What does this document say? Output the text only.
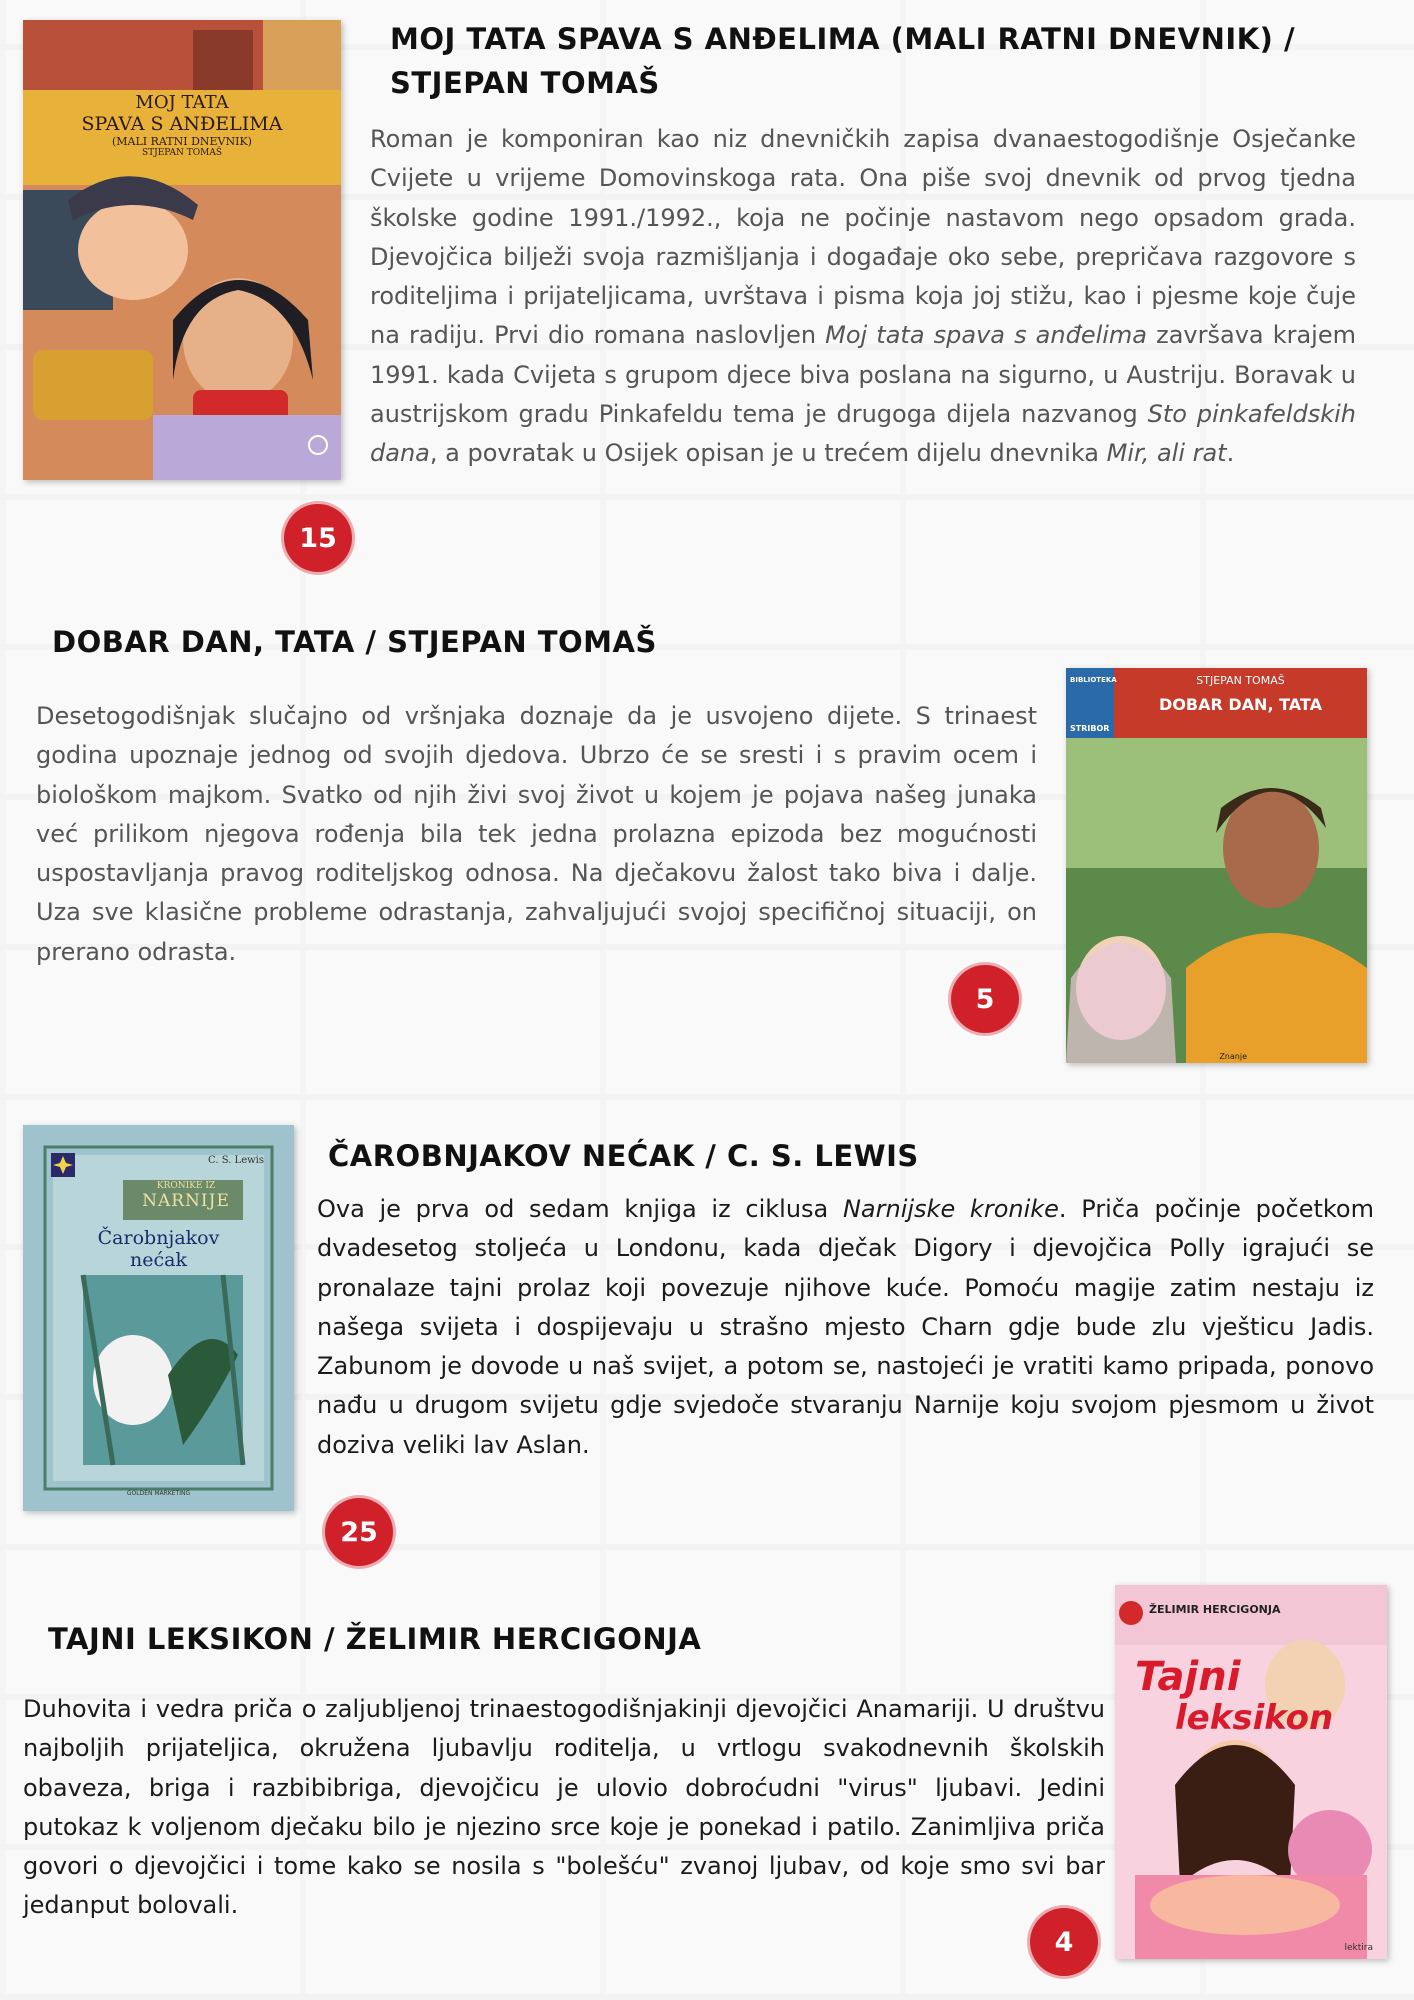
MOJ TATA
SPAVA S ANĐELIMA
(MALI RATNI DNEVNIK)
STJEPAN TOMAŠ
MOJ TATA SPAVA S ANĐELIMA (MALI RATNI DNEVNIK) / STJEPAN TOMAŠ

Roman je komponiran kao niz dnevničkih zapisa dvanaestogodišnje Osječanke Cvijete u vrijeme Domovinskoga rata. Ona piše svoj dnevnik od prvog tjedna školske godine 1991./1992., koja ne počinje nastavom nego opsadom grada. Djevojčica bilježi svoja razmišljanja i događaje oko sebe, prepričava razgovore s roditeljima i prijateljicama, uvrštava i pisma koja joj stižu, kao i pjesme koje čuje na radiju. Prvi dio romana naslovljen Moj tata spava s anđelima završava krajem 1991. kada Cvijeta s grupom djece biva poslana na sigurno, u Austriju. Boravak u austrijskom gradu Pinkafeldu tema je drugoga dijela nazvanog Sto pinkafeldskih dana, a povratak u Osijek opisan je u trećem dijelu dnevnika Mir, ali rat.

15
DOBAR DAN, TATA / STJEPAN TOMAŠ

Desetogodišnjak slučajno od vršnjaka doznaje da je usvojeno dijete. S trinaest godina upoznaje jednog od svojih djedova. Ubrzo će se sresti i s pravim ocem i biološkom majkom. Svatko od njih živi svoj život u kojem je pojava našeg junaka već prilikom njegova rođenja bila tek jedna prolazna epizoda bez mogućnosti uspostavljanja pravog roditeljskog odnosa. Na dječakovu žalost tako biva i dalje. Uza sve klasične probleme odrastanja, zahvaljujući svojoj specifičnoj situaciji, on prerano odrasta.

5
BIBLIOTEKA
STRIBOR
STJEPAN TOMAŠ
DOBAR DAN, TATA
Znanje
C. S. Lewis
KRONIKE IZ
NARNIJE
Čarobnjakov
nećak
GOLDEN MARKETING
ČAROBNJAKOV NEĆAK / C. S. LEWIS

Ova je prva od sedam knjiga iz ciklusa Narnijske kronike. Priča počinje početkom dvadesetog stoljeća u Londonu, kada dječak Digory i djevojčica Polly igrajući se pronalaze tajni prolaz koji povezuje njihove kuće. Pomoću magije zatim nestaju iz našega svijeta i dospijevaju u strašno mjesto Charn gdje bude zlu vješticu Jadis. Zabunom je dovode u naš svijet, a potom se, nastojeći je vratiti kamo pripada, ponovo nađu u drugom svijetu gdje svjedoče stvaranju Narnije koju svojom pjesmom u život doziva veliki lav Aslan.

25
TAJNI LEKSIKON / ŽELIMIR HERCIGONJA

Duhovita i vedra priča o zaljubljenoj trinaestogodišnjakinji djevojčici Anamariji. U društvu najboljih prijateljica, okružena ljubavlju roditelja, u vrtlogu svakodnevnih školskih obaveza, briga i razbibibriga, djevojčicu je ulovio dobroćudni "virus" ljubavi. Jedini putokaz k voljenom dječaku bilo je njezino srce koje je ponekad i patilo. Zanimljiva priča govori o djevojčici i tome kako se nosila s "bolešću" zvanoj ljubav, od koje smo svi bar jedanput bolovali.

4
ŽELIMIR HERCIGONJA
Tajni
leksikon
lektira
